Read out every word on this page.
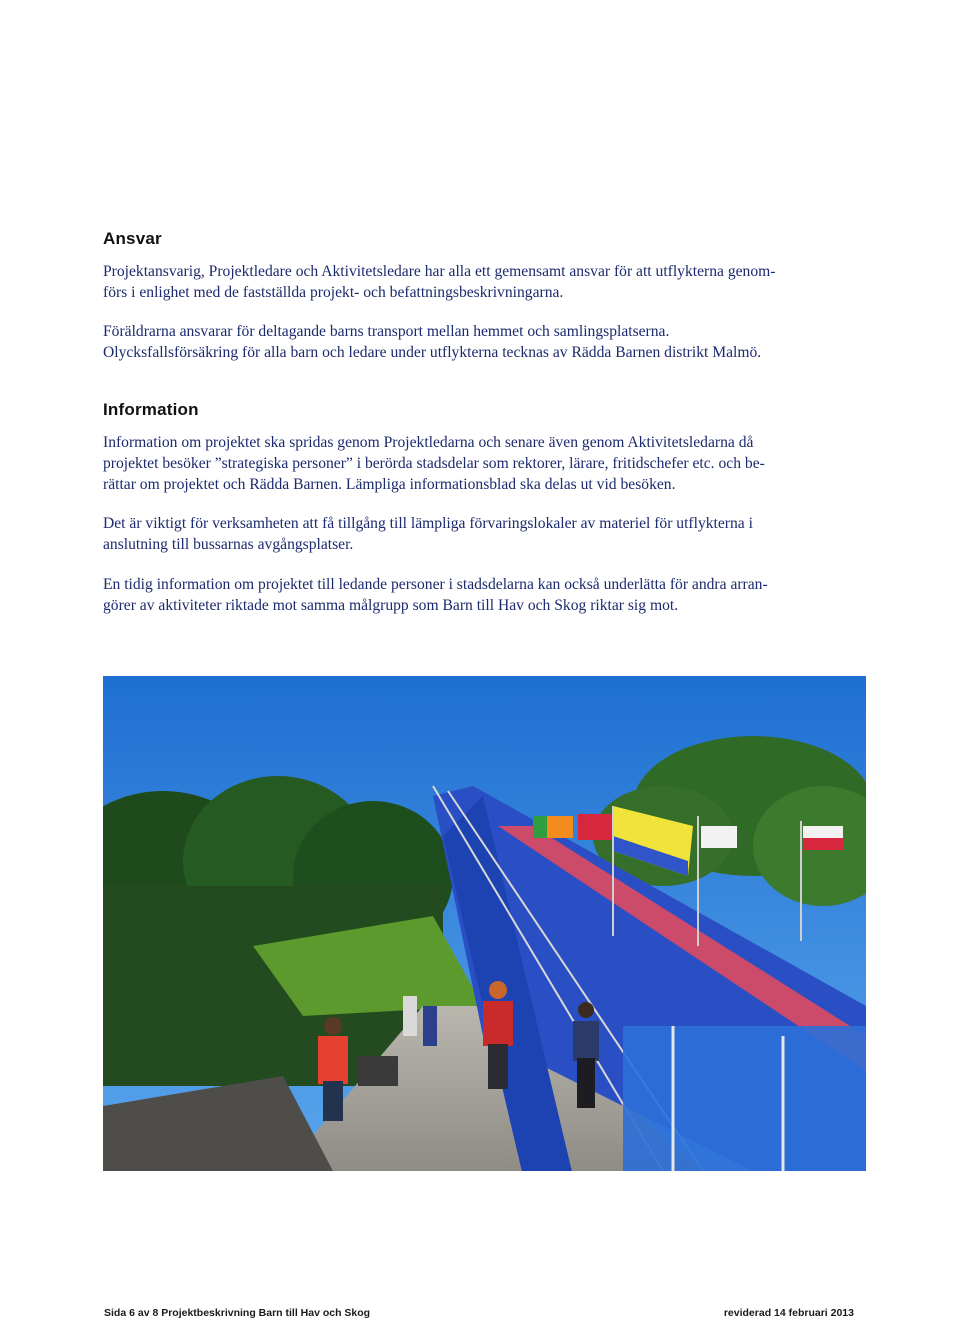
Ansvar

Projektansvarig, Projektledare och Aktivitetsledare har alla ett gemensamt ansvar för att utflykterna genom-
förs i enlighet med de fastställda projekt- och befattningsbeskrivningarna.

Föräldrarna ansvarar för deltagande barns transport mellan hemmet och samlingsplatserna.
Olycksfallsförsäkring för alla barn och ledare under utflykterna tecknas av Rädda Barnen distrikt Malmö.

Information

Information om projektet ska spridas genom Projektledarna och senare även genom Aktivitetsledarna då
projektet besöker ”strategiska personer” i berörda stadsdelar som rektorer, lärare, fritidschefer etc. och be-
rättar om projektet och Rädda Barnen. Lämpliga informationsblad ska delas ut vid besöken.

Det är viktigt för verksamheten att få tillgång till lämpliga förvaringslokaler av materiel för utflykterna i
anslutning till bussarnas avgångsplatser.

En tidig information om projektet till ledande personer i stadsdelarna kan också underlätta för andra arran-
görer av aktiviteter riktade mot samma målgrupp som Barn till Hav och Skog riktar sig mot.

Sida 6 av 8 Projektbeskrivning Barn till Hav och Skog	reviderad 14 februari 2013
